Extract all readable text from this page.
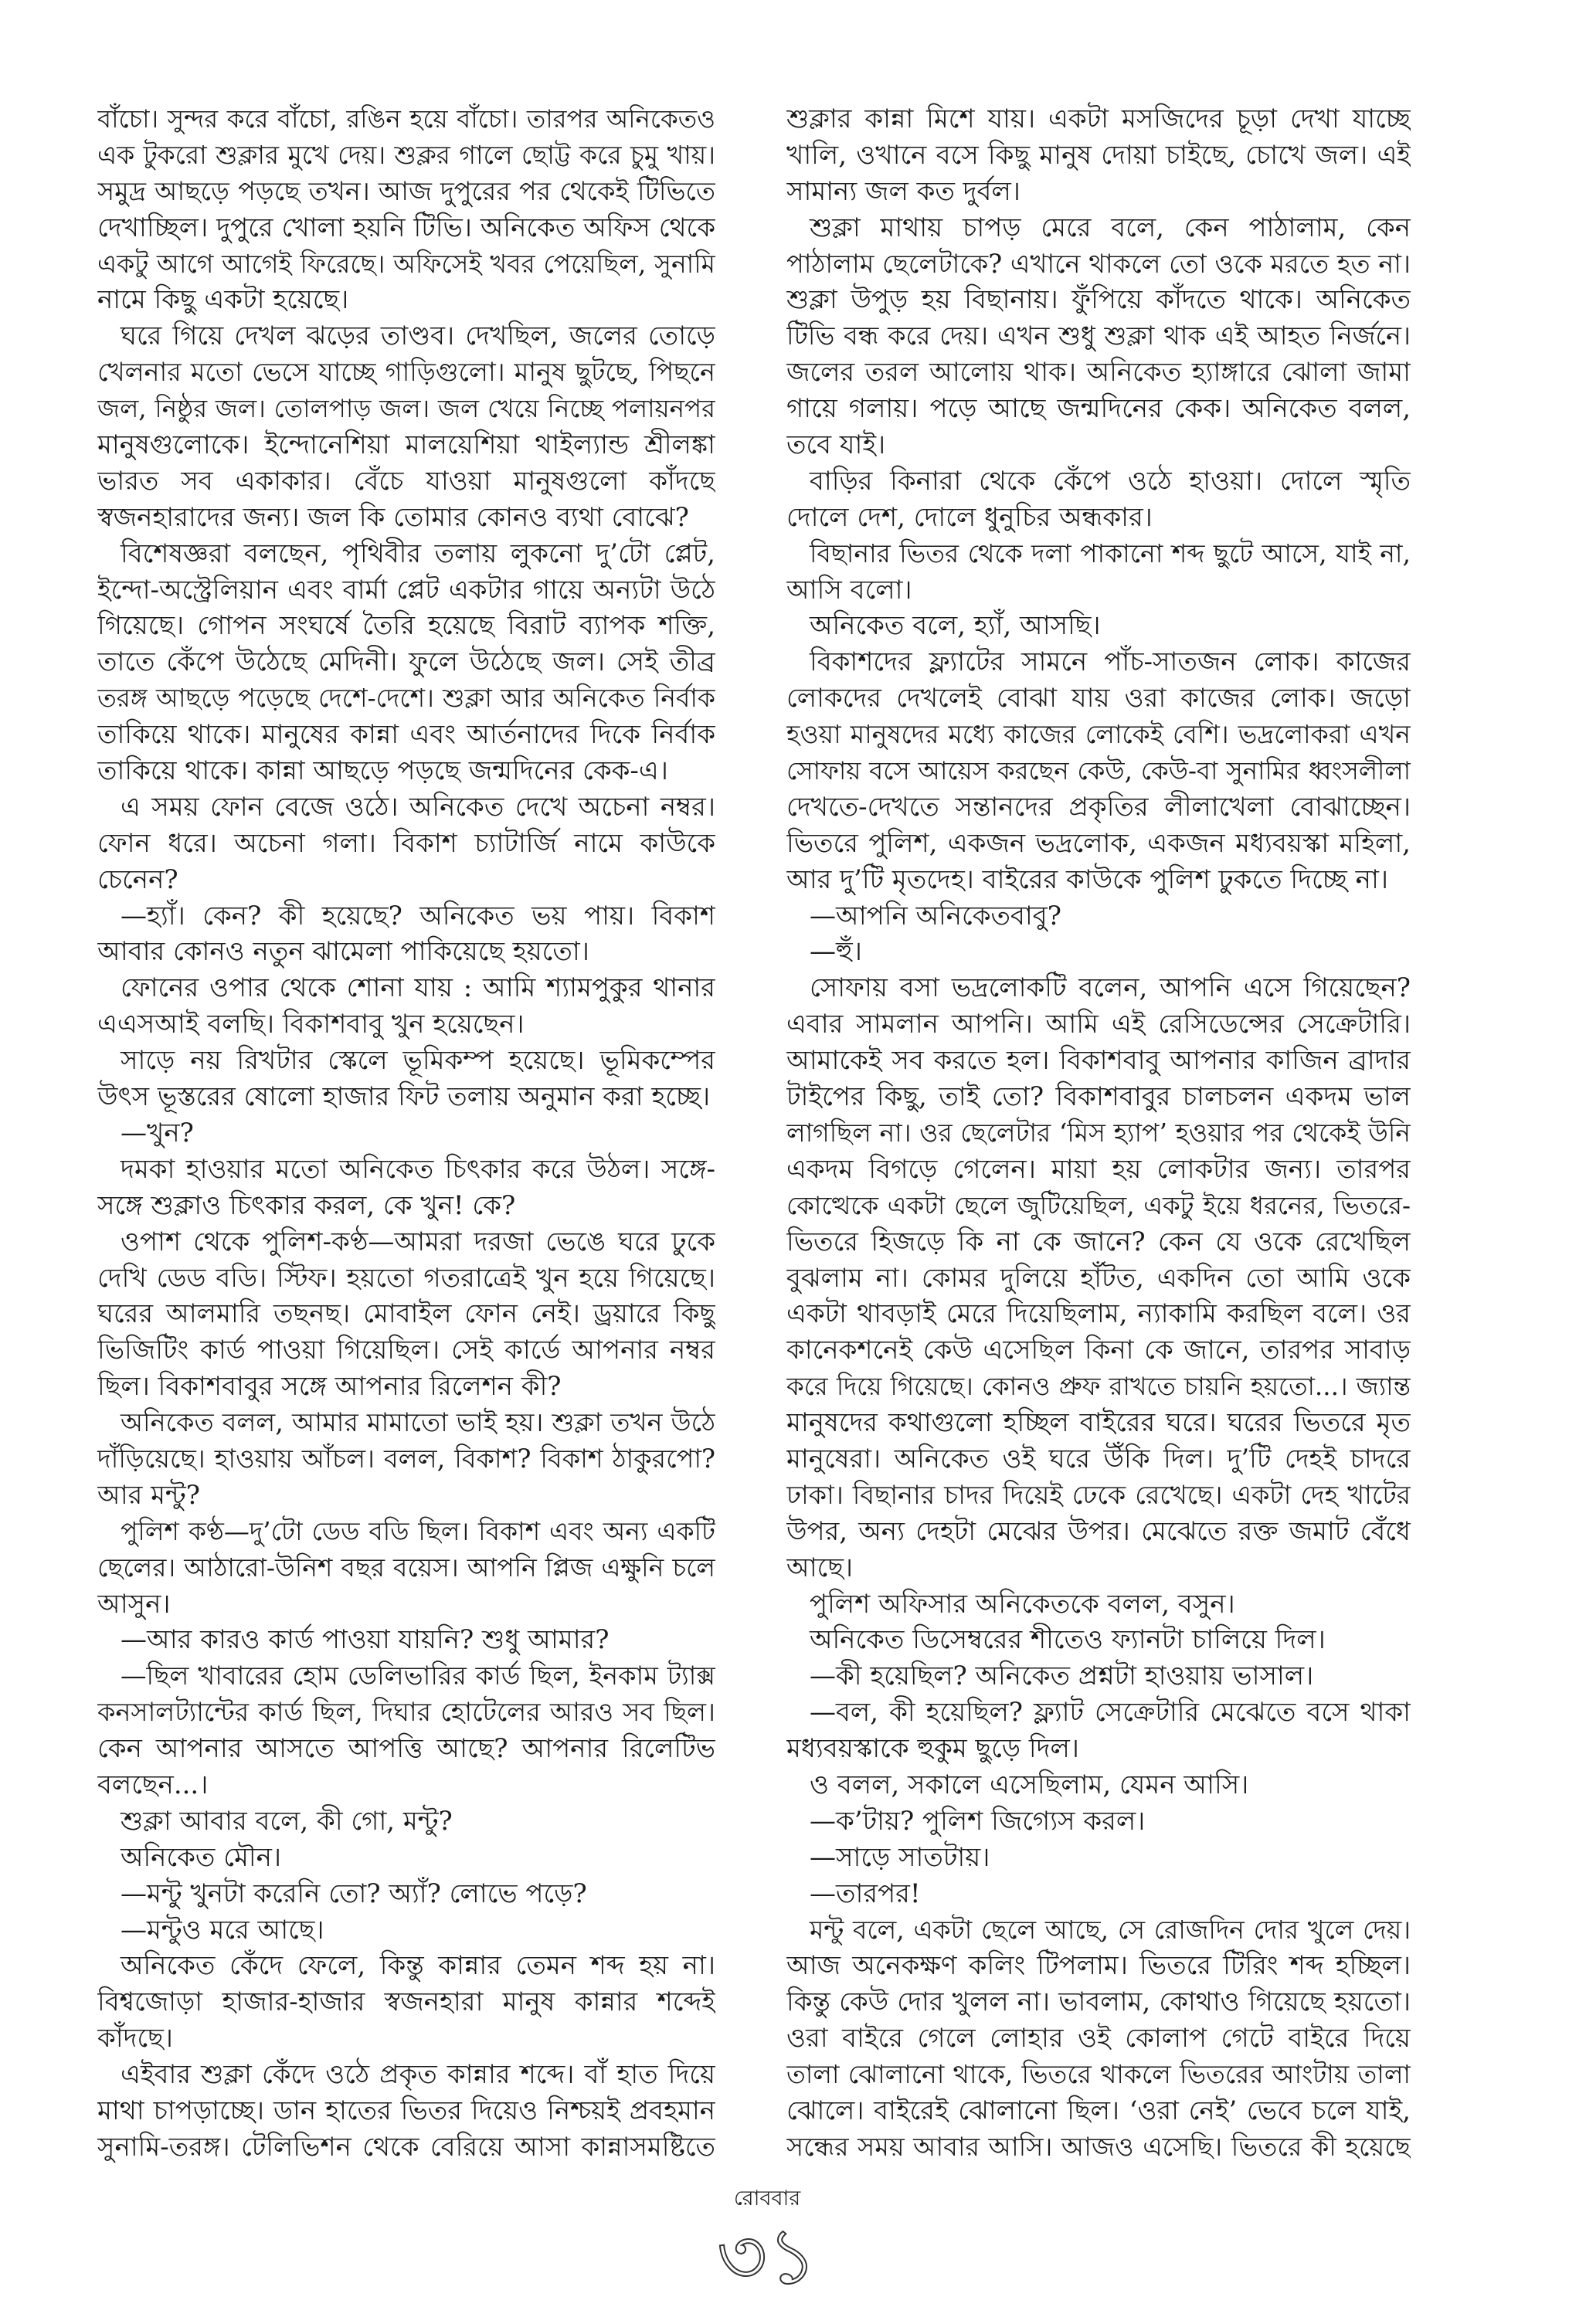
বাঁচো। সুন্দর করে বাঁচো, রঙিন হয়ে বাঁচো। তারপর অনিকেতও
এক টুকরো শুক্লার মুখে দেয়। শুক্লর গালে ছোট্ট করে চুমু খায়।
সমুদ্র আছড়ে পড়ছে তখন। আজ দুপুরের পর থেকেই টিভিতে
দেখাচ্ছিল। দুপুরে খোলা হয়নি টিভি। অনিকেত অফিস থেকে
একটু আগে আগেই ফিরেছে। অফিসেই খবর পেয়েছিল, সুনামি
নামে কিছু একটা হয়েছে।
ঘরে গিয়ে দেখল ঝড়ের তাণ্ডব। দেখছিল, জলের তোড়ে
খেলনার মতো ভেসে যাচ্ছে গাড়িগুলো। মানুষ ছুটছে, পিছনে
জল, নিষ্ঠুর জল। তোলপাড় জল। জল খেয়ে নিচ্ছে পলায়নপর
মানুষগুলোকে। ইন্দোনেশিয়া মালয়েশিয়া থাইল্যান্ড শ্রীলঙ্কা
ভারত সব একাকার। বেঁচে যাওয়া মানুষগুলো কাঁদছে
স্বজনহারাদের জন্য। জল কি তোমার কোনও ব্যথা বোঝে?
বিশেষজ্ঞরা বলছেন, পৃথিবীর তলায় লুকনো দু’টো প্লেট,
ইন্দো-অস্ট্রেলিয়ান এবং বার্মা প্লেট একটার গায়ে অন্যটা উঠে
গিয়েছে। গোপন সংঘর্ষে তৈরি হয়েছে বিরাট ব্যাপক শক্তি,
তাতে কেঁপে উঠেছে মেদিনী। ফুলে উঠেছে জল। সেই তীব্র
তরঙ্গ আছড়ে পড়েছে দেশে-দেশে। শুক্লা আর অনিকেত নির্বাক
তাকিয়ে থাকে। মানুষের কান্না এবং আর্তনাদের দিকে নির্বাক
তাকিয়ে থাকে। কান্না আছড়ে পড়ছে জন্মদিনের কেক-এ।
এ সময় ফোন বেজে ওঠে। অনিকেত দেখে অচেনা নম্বর।
ফোন ধরে। অচেনা গলা। বিকাশ চ্যাটার্জি নামে কাউকে
চেনেন?
—হ্যাঁ। কেন? কী হয়েছে? অনিকেত ভয় পায়। বিকাশ
আবার কোনও নতুন ঝামেলা পাকিয়েছে হয়তো।
ফোনের ওপার থেকে শোনা যায় : আমি শ্যামপুকুর থানার
এএসআই বলছি। বিকাশবাবু খুন হয়েছেন।
সাড়ে নয় রিখটার স্কেলে ভূমিকম্প হয়েছে। ভূমিকম্পের
উৎস ভূস্তরের ষোলো হাজার ফিট তলায় অনুমান করা হচ্ছে।
—খুন?
দমকা হাওয়ার মতো অনিকেত চিৎকার করে উঠল। সঙ্গে-
সঙ্গে শুক্লাও চিৎকার করল, কে খুন! কে?
ওপাশ থেকে পুলিশ-কণ্ঠ—আমরা দরজা ভেঙে ঘরে ঢুকে
দেখি ডেড বডি। স্টিফ। হয়তো গতরাত্রেই খুন হয়ে গিয়েছে।
ঘরের আলমারি তছনছ। মোবাইল ফোন নেই। ড্রয়ারে কিছু
ভিজিটিং কার্ড পাওয়া গিয়েছিল। সেই কার্ডে আপনার নম্বর
ছিল। বিকাশবাবুর সঙ্গে আপনার রিলেশন কী?
অনিকেত বলল, আমার মামাতো ভাই হয়। শুক্লা তখন উঠে
দাঁড়িয়েছে। হাওয়ায় আঁচল। বলল, বিকাশ? বিকাশ ঠাকুরপো?
আর মন্টু?
পুলিশ কণ্ঠ—দু’টো ডেড বডি ছিল। বিকাশ এবং অন্য একটি
ছেলের। আঠারো-উনিশ বছর বয়েস। আপনি প্লিজ এক্ষুনি চলে
আসুন।
—আর কারও কার্ড পাওয়া যায়নি? শুধু আমার?
—ছিল খাবারের হোম ডেলিভারির কার্ড ছিল, ইনকাম ট্যাক্স
কনসালট্যান্টের কার্ড ছিল, দিঘার হোটেলের আরও সব ছিল।
কেন আপনার আসতে আপত্তি আছে? আপনার রিলেটিভ
বলছেন...।
শুক্লা আবার বলে, কী গো, মন্টু?
অনিকেত মৌন।
—মন্টু খুনটা করেনি তো? অ্যাঁ? লোভে পড়ে?
—মন্টুও মরে আছে।
অনিকেত কেঁদে ফেলে, কিন্তু কান্নার তেমন শব্দ হয় না।
বিশ্বজোড়া হাজার-হাজার স্বজনহারা মানুষ কান্নার শব্দেই
কাঁদছে।
এইবার শুক্লা কেঁদে ওঠে প্রকৃত কান্নার শব্দে। বাঁ হাত দিয়ে
মাথা চাপড়াচ্ছে। ডান হাতের ভিতর দিয়েও নিশ্চয়ই প্রবহমান
সুনামি-তরঙ্গ। টেলিভিশন থেকে বেরিয়ে আসা কান্নাসমষ্টিতে
শুক্লার কান্না মিশে যায়। একটা মসজিদের চূড়া দেখা যাচ্ছে
খালি, ওখানে বসে কিছু মানুষ দোয়া চাইছে, চোখে জল। এই
সামান্য জল কত দুর্বল।
শুক্লা মাথায় চাপড় মেরে বলে, কেন পাঠালাম, কেন
পাঠালাম ছেলেটাকে? এখানে থাকলে তো ওকে মরতে হত না।
শুক্লা উপুড় হয় বিছানায়। ফুঁপিয়ে কাঁদতে থাকে। অনিকেত
টিভি বন্ধ করে দেয়। এখন শুধু শুক্লা থাক এই আহত নির্জনে।
জলের তরল আলোয় থাক। অনিকেত হ্যাঙ্গারে ঝোলা জামা
গায়ে গলায়। পড়ে আছে জন্মদিনের কেক। অনিকেত বলল,
তবে যাই।
বাড়ির কিনারা থেকে কেঁপে ওঠে হাওয়া। দোলে স্মৃতি
দোলে দেশ, দোলে ধুনুচির অন্ধকার।
বিছানার ভিতর থেকে দলা পাকানো শব্দ ছুটে আসে, যাই না,
আসি বলো।
অনিকেত বলে, হ্যাঁ, আসছি।
বিকাশদের ফ্ল্যাটের সামনে পাঁচ-সাতজন লোক। কাজের
লোকদের দেখলেই বোঝা যায় ওরা কাজের লোক। জড়ো
হওয়া মানুষদের মধ্যে কাজের লোকেই বেশি। ভদ্রলোকরা এখন
সোফায় বসে আয়েস করছেন কেউ, কেউ-বা সুনামির ধ্বংসলীলা
দেখতে-দেখতে সন্তানদের প্রকৃতির লীলাখেলা বোঝাচ্ছেন।
ভিতরে পুলিশ, একজন ভদ্রলোক, একজন মধ্যবয়স্কা মহিলা,
আর দু’টি মৃতদেহ। বাইরের কাউকে পুলিশ ঢুকতে দিচ্ছে না।
—আপনি অনিকেতবাবু?
—হুঁ।
সোফায় বসা ভদ্রলোকটি বলেন, আপনি এসে গিয়েছেন?
এবার সামলান আপনি। আমি এই রেসিডেন্সের সেক্রেটারি।
আমাকেই সব করতে হল। বিকাশবাবু আপনার কাজিন ব্রাদার
টাইপের কিছু, তাই তো? বিকাশবাবুর চালচলন একদম ভাল
লাগছিল না। ওর ছেলেটার ‘মিস হ্যাপ’ হওয়ার পর থেকেই উনি
একদম বিগড়ে গেলেন। মায়া হয় লোকটার জন্য। তারপর
কোত্থেকে একটা ছেলে জুটিয়েছিল, একটু ইয়ে ধরনের, ভিতরে-
ভিতরে হিজড়ে কি না কে জানে? কেন যে ওকে রেখেছিল
বুঝলাম না। কোমর দুলিয়ে হাঁটত, একদিন তো আমি ওকে
একটা থাবড়াই মেরে দিয়েছিলাম, ন্যাকামি করছিল বলে। ওর
কানেকশনেই কেউ এসেছিল কিনা কে জানে, তারপর সাবাড়
করে দিয়ে গিয়েছে। কোনও প্রুফ রাখতে চায়নি হয়তো...। জ্যান্ত
মানুষদের কথাগুলো হচ্ছিল বাইরের ঘরে। ঘরের ভিতরে মৃত
মানুষেরা। অনিকেত ওই ঘরে উঁকি দিল। দু’টি দেহই চাদরে
ঢাকা। বিছানার চাদর দিয়েই ঢেকে রেখেছে। একটা দেহ খাটের
উপর, অন্য দেহটা মেঝের উপর। মেঝেতে রক্ত জমাট বেঁধে
আছে।
পুলিশ অফিসার অনিকেতকে বলল, বসুন।
অনিকেত ডিসেম্বরের শীতেও ফ্যানটা চালিয়ে দিল।
—কী হয়েছিল? অনিকেত প্রশ্নটা হাওয়ায় ভাসাল।
—বল, কী হয়েছিল? ফ্ল্যাট সেক্রেটারি মেঝেতে বসে থাকা
মধ্যবয়স্কাকে হুকুম ছুড়ে দিল।
ও বলল, সকালে এসেছিলাম, যেমন আসি।
—ক’টায়? পুলিশ জিগ্যেস করল।
—সাড়ে সাতটায়।
—তারপর!
মন্টু বলে, একটা ছেলে আছে, সে রোজদিন দোর খুলে দেয়।
আজ অনেকক্ষণ কলিং টিপলাম। ভিতরে টিরিং শব্দ হচ্ছিল।
কিন্তু কেউ দোর খুলল না। ভাবলাম, কোথাও গিয়েছে হয়তো।
ওরা বাইরে গেলে লোহার ওই কোলাপ গেটে বাইরে দিয়ে
তালা ঝোলানো থাকে, ভিতরে থাকলে ভিতরের আংটায় তালা
ঝোলে। বাইরেই ঝোলানো ছিল। ‘ওরা নেই’ ভেবে চলে যাই,
সন্ধের সময় আবার আসি। আজও এসেছি। ভিতরে কী হয়েছে
রোববার
৩১
